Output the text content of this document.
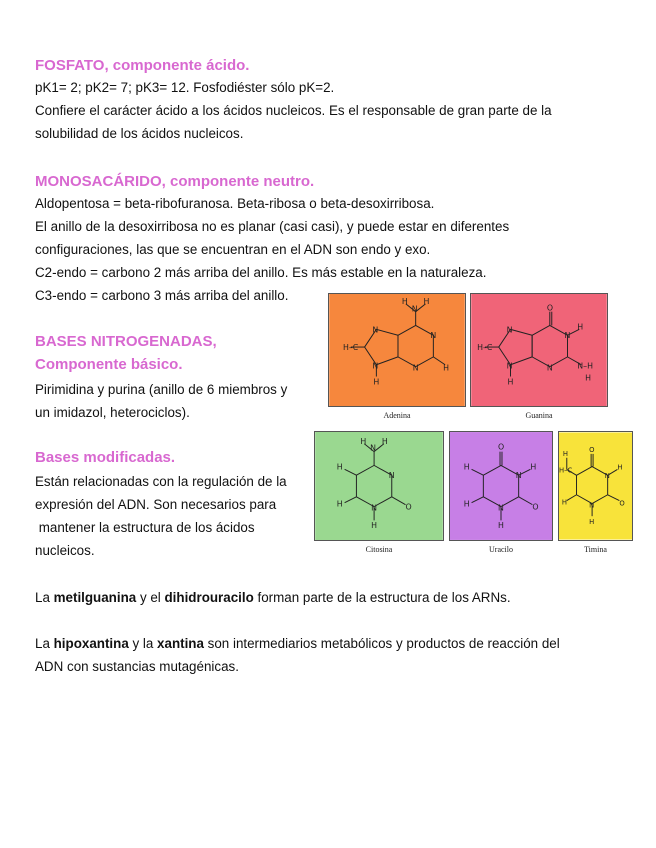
FOSFATO, componente ácido.
pK1= 2; pK2= 7; pK3= 12. Fosfodiéster sólo pK=2.
Confiere el carácter ácido a los ácidos nucleicos. Es el responsable de gran parte de la
solubilidad de los ácidos nucleicos.
MONOSACÁRIDO, componente neutro.
Aldopentosa = beta-ribofuranosa. Beta-ribosa o beta-desoxirribosa.
El anillo de la desoxirribosa no es planar (casi casi), y puede estar en diferentes
configuraciones, las que se encuentran en el ADN son endo y exo.
C2-endo = carbono 2 más arriba del anillo. Es más estable en la naturaleza.
C3-endo = carbono 3 más arriba del anillo.
BASES NITROGENADAS,
Componente básico.
Pirimidina y purina (anillo de 6 miembros y
un imidazol, heterociclos).
Bases modificadas.
Están relacionadas con la regulación de la
expresión del ADN. Son necesarios para
mantener la estructura de los ácidos
nucleicos.
La metilguanina y el dihidrouracilo forman parte de la estructura de los ARNs.
La hipoxantina y la xantina son intermediarios metabólicos y productos de reacción del
ADN con sustancias mutagénicas.
N
H H
N
N
N
N
H–C
H
H
Adenina
O
N
H
N
N
N
H–C
H
N–H
H
Guanina
N
H H
N
H
H	O
N
H
Citosina
O
N
H
O
H
H	N
H
Uracilo
O
H
H–C
N
H
O
H	N
H
Timina
